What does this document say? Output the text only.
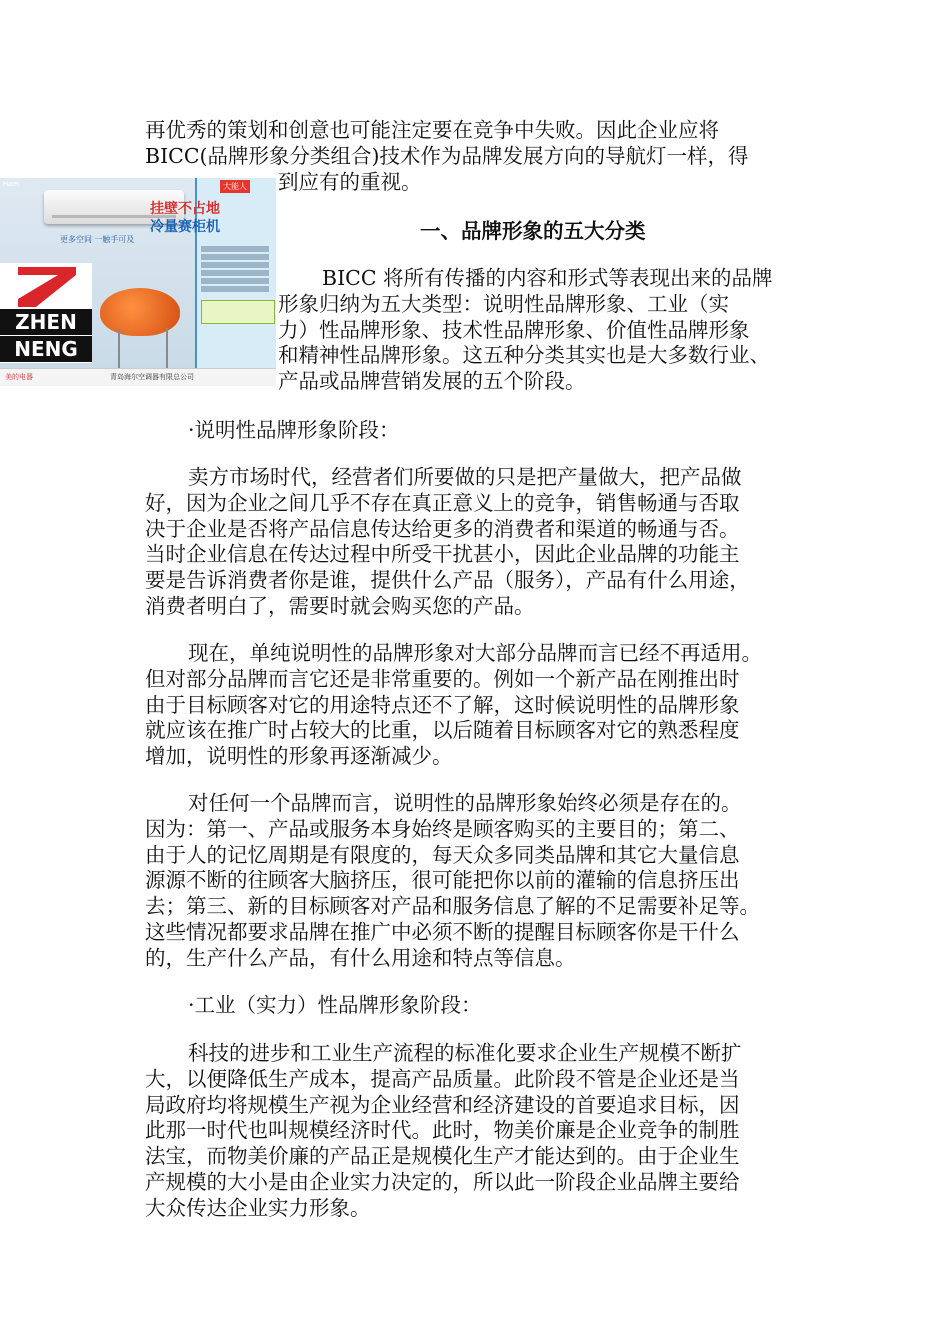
再优秀的策划和创意也可能注定要在竞争中失败。因此企业应将
BICC(品牌形象分类组合)技术作为品牌发展方向的导航灯一样，得
到应有的重视。
一、品牌形象的五大分类
BICC 将所有传播的内容和形式等表现出来的品牌
形象归纳为五大类型：说明性品牌形象、工业（实
力）性品牌形象、技术性品牌形象、价值性品牌形象
和精神性品牌形象。这五种分类其实也是大多数行业、
产品或品牌营销发展的五个阶段。
·说明性品牌形象阶段：
卖方市场时代，经营者们所要做的只是把产量做大，把产品做
好，因为企业之间几乎不存在真正意义上的竞争，销售畅通与否取
决于企业是否将产品信息传达给更多的消费者和渠道的畅通与否。
当时企业信息在传达过程中所受干扰甚小，因此企业品牌的功能主
要是告诉消费者你是谁，提供什么产品（服务），产品有什么用途，
消费者明白了，需要时就会购买您的产品。
现在，单纯说明性的品牌形象对大部分品牌而言已经不再适用。
但对部分品牌而言它还是非常重要的。例如一个新产品在刚推出时
由于目标顾客对它的用途特点还不了解，这时候说明性的品牌形象
就应该在推广时占较大的比重，以后随着目标顾客对它的熟悉程度
增加，说明性的形象再逐渐减少。
对任何一个品牌而言，说明性的品牌形象始终必须是存在的。
因为：第一、产品或服务本身始终是顾客购买的主要目的；第二、
由于人的记忆周期是有限度的，每天众多同类品牌和其它大量信息
源源不断的往顾客大脑挤压，很可能把你以前的灌输的信息挤压出
去；第三、新的目标顾客对产品和服务信息了解的不足需要补足等。
这些情况都要求品牌在推广中必须不断的提醒目标顾客你是干什么
的，生产什么产品，有什么用途和特点等信息。
·工业（实力）性品牌形象阶段：
科技的进步和工业生产流程的标准化要求企业生产规模不断扩
大，以便降低生产成本，提高产品质量。此阶段不管是企业还是当
局政府均将规模生产视为企业经营和经济建设的首要追求目标，因
此那一时代也叫规模经济时代。此时，物美价廉是企业竞争的制胜
法宝，而物美价廉的产品正是规模化生产才能达到的。由于企业生
产规模的大小是由企业实力决定的，所以此一阶段企业品牌主要给
大众传达企业实力形象。
Haier
更多空间 一触手可及
大能人
挂壁不占地
冷量赛柜机
美的电器	青岛海尔空调器有限总公司
ZHEN
NENG
